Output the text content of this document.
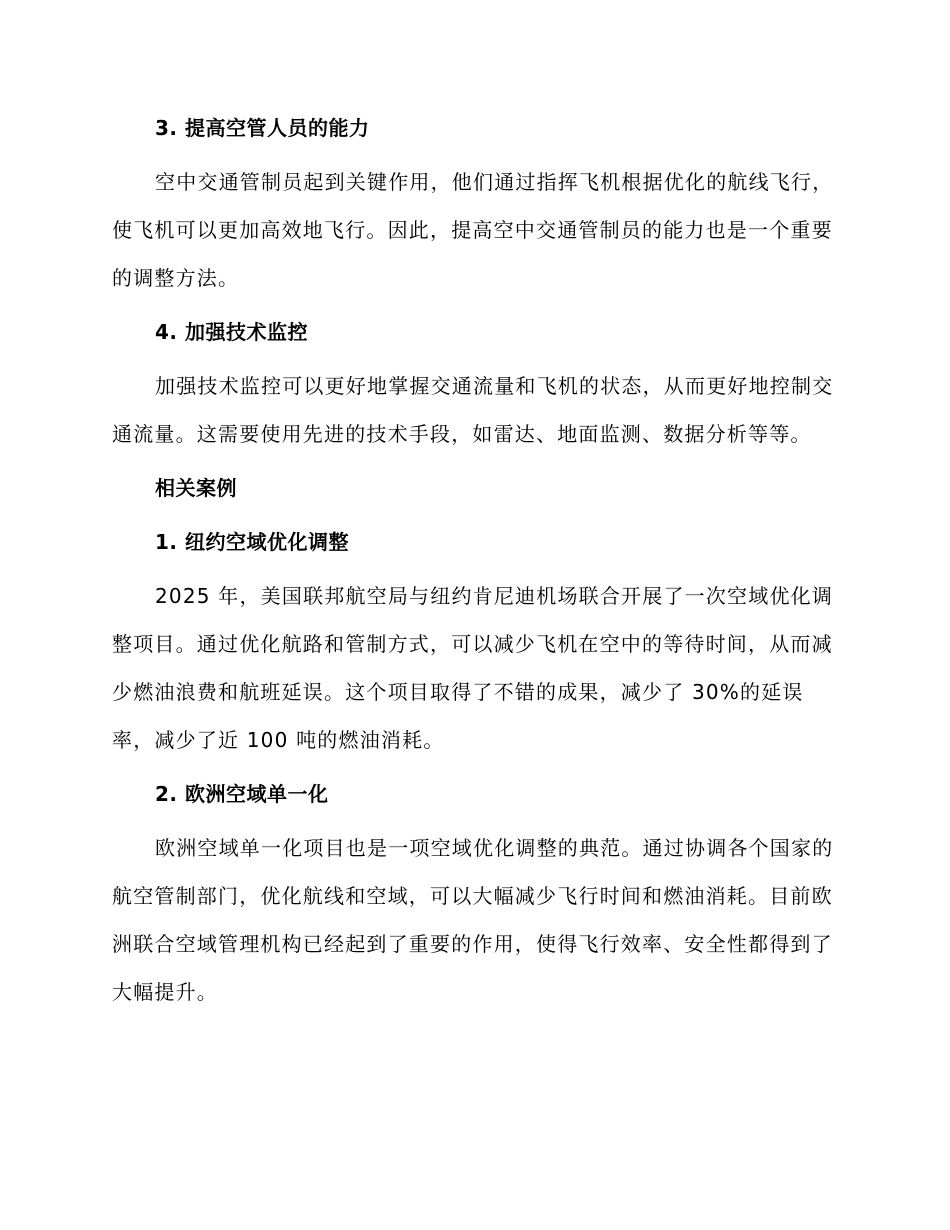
3. 提高空管人员的能力
空中交通管制员起到关键作用，他们通过指挥飞机根据优化的航线飞行，使飞机可以更加高效地飞行。因此，提高空中交通管制员的能力也是一个重要的调整方法。
4. 加强技术监控
加强技术监控可以更好地掌握交通流量和飞机的状态，从而更好地控制交通流量。这需要使用先进的技术手段，如雷达、地面监测、数据分析等等。
相关案例
1. 纽约空域优化调整
2025 年，美国联邦航空局与纽约肯尼迪机场联合开展了一次空域优化调整项目。通过优化航路和管制方式，可以减少飞机在空中的等待时间，从而减少燃油浪费和航班延误。这个项目取得了不错的成果，减少了 30%的延误率，减少了近 100 吨的燃油消耗。
2. 欧洲空域单一化
欧洲空域单一化项目也是一项空域优化调整的典范。通过协调各个国家的航空管制部门，优化航线和空域，可以大幅减少飞行时间和燃油消耗。目前欧洲联合空域管理机构已经起到了重要的作用，使得飞行效率、安全性都得到了大幅提升。
